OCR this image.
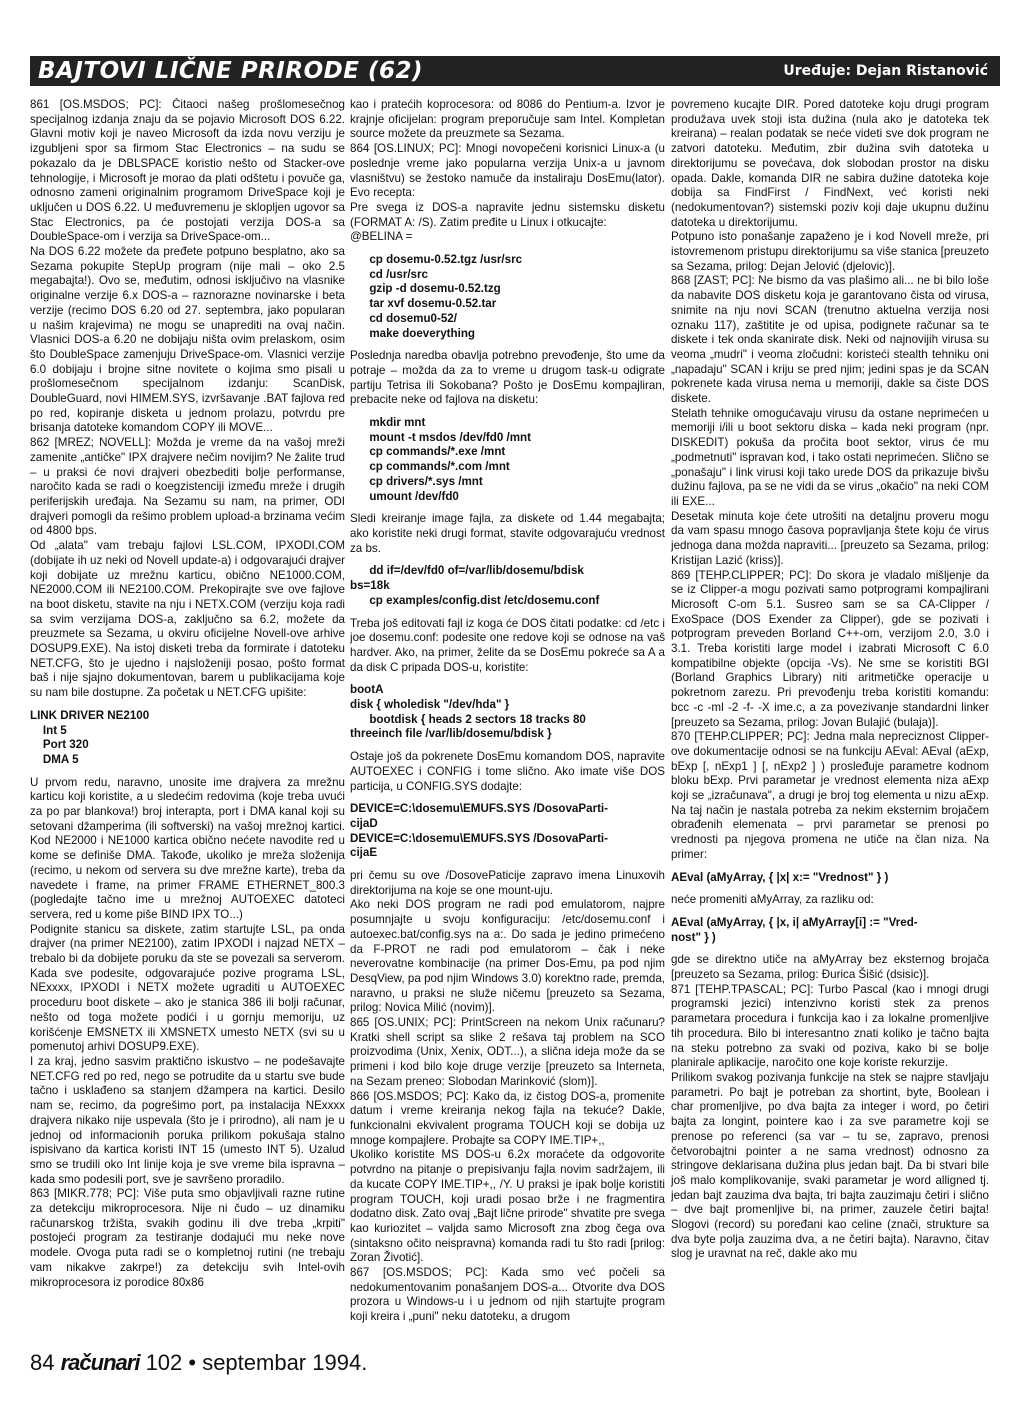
BAJTOVI LIČNE PRIRODE (62)	Uređuje: Dejan Ristanović

861 [OS.MSDOS; PC]: Čitaoci našeg prošlomesečnog specijalnog izdanja znaju da se pojavio Microsoft DOS 6.22. Glavni motiv koji je naveo Microsoft da izda novu verziju je izgubljeni spor sa firmom Stac Electronics – na sudu se pokazalo da je DBLSPACE koristio nešto od Stacker-ove tehnologije, i Microsoft je morao da plati odštetu i povuče ga, odnosno zameni originalnim programom DriveSpace koji je uključen u DOS 6.22. U međuvremenu je sklopljen ugovor sa Stac Electronics, pa će postojati verzija DOS-a sa DoubleSpace-om i verzija sa DriveSpace-om...

Na DOS 6.22 možete da pređete potpuno besplatno, ako sa Sezama pokupite StepUp program (nije mali – oko 2.5 megabajta!). Ovo se, međutim, odnosi isključivo na vlasnike originalne verzije 6.x DOS-a – raznorazne novinarske i beta verzije (recimo DOS 6.20 od 27. septembra, jako popularan u našim krajevima) ne mogu se unaprediti na ovaj način. Vlasnici DOS-a 6.20 ne dobijaju ništa ovim prelaskom, osim što DoubleSpace zamenjuju DriveSpace-om. Vlasnici verzije 6.0 dobijaju i brojne sitne novitete o kojima smo pisali u prošlomesečnom specijalnom izdanju: ScanDisk, DoubleGuard, novi HIMEM.SYS, izvršavanje .BAT fajlova red po red, kopiranje disketa u jednom prolazu, potvrdu pre brisanja datoteke komandom COPY ili MOVE...

862 [MREZ; NOVELL]: Možda je vreme da na vašoj mreži zamenite „antičke" IPX drajvere nečim novijim? Ne žalite trud – u praksi će novi drajveri obezbediti bolje performanse, naročito kada se radi o koegzistenciji između mreže i drugih periferijskih uređaja. Na Sezamu su nam, na primer, ODI drajveri pomogli da rešimo problem upload-a brzinama većim od 4800 bps.

Od „alata" vam trebaju fajlovi LSL.COM, IPXODI.COM (dobijate ih uz neki od Novell update-a) i odgovarajući drajver koji dobijate uz mrežnu karticu, obično NE1000.COM, NE2000.COM ili NE2100.COM. Prekopirajte sve ove fajlove na boot disketu, stavite na nju i NETX.COM (verziju koja radi sa svim verzijama DOS-a, zaključno sa 6.2, možete da preuzmete sa Sezama, u okviru oficijelne Novell-ove arhive DOSUP9.EXE). Na istoj disketi treba da formirate i datoteku NET.CFG, što je ujedno i najsloženiji posao, pošto format baš i nije sjajno dokumentovan, barem u publikacijama koje su nam bile dostupne. Za početak u NET.CFG upišite:

LINK DRIVER NE2100
Int 5
Port 320
DMA 5

U prvom redu, naravno, unosite ime drajvera za mrežnu karticu koji koristite, a u sledećim redovima (koje treba uvući za po par blankova!) broj interapta, port i DMA kanal koji su setovani džamperima (ili softverski) na vašoj mrežnoj kartici. Kod NE2000 i NE1000 kartica obično nećete navodite red u kome se definiše DMA. Takođe, ukoliko je mreža složenija (recimo, u nekom od servera su dve mrežne karte), treba da navedete i frame, na primer FRAME ETHERNET_800.3 (pogledajte tačno ime u mrežnoj AUTOEXEC datoteci servera, red u kome piše BIND IPX TO...)

Podignite stanicu sa diskete, zatim startujte LSL, pa onda drajver (na primer NE2100), zatim IPXODI i najzad NETX – trebalo bi da dobijete poruku da ste se povezali sa serverom. Kada sve podesite, odgovarajuće pozive programa LSL, NExxxx, IPXODI i NETX možete ugraditi u AUTOEXEC proceduru boot diskete – ako je stanica 386 ili bolji računar, nešto od toga možete podići i u gornju memoriju, uz korišćenje EMSNETX ili XMSNETX umesto NETX (svi su u pomenutoj arhivi DOSUP9.EXE).

I za kraj, jedno sasvim praktično iskustvo – ne podešavajte NET.CFG red po red, nego se potrudite da u startu sve bude tačno i usklađeno sa stanjem džampera na kartici. Desilo nam se, recimo, da pogrešimo port, pa instalacija NExxxx drajvera nikako nije uspevala (što je i prirodno), ali nam je u jednoj od informacionih poruka prilikom pokušaja stalno ispisivano da kartica koristi INT 15 (umesto INT 5). Uzalud smo se trudili oko Int linije koja je sve vreme bila ispravna – kada smo podesili port, sve je savršeno proradilo.

863 [MIKR.778; PC]: Više puta smo objavljivali razne rutine za detekciju mikroprocesora. Nije ni čudo – uz dinamiku računarskog tržišta, svakih godinu ili dve treba „krpiti" postojeći program za testiranje dodajući mu neke nove modele. Ovoga puta radi se o kompletnoj rutini (ne trebaju vam nikakve zakrpe!) za detekciju svih Intel-ovih mikroprocesora iz porodice 80x86

kao i pratećih koprocesora: od 8086 do Pentium-a. Izvor je krajnje oficijelan: program preporučuje sam Intel. Kompletan source možete da preuzmete sa Sezama.

864 [OS.LINUX; PC]: Mnogi novopečeni korisnici Linux-a (u poslednje vreme jako popularna verzija Unix-a u javnom vlasništvu) se žestoko namuče da instaliraju DosEmu(lator). Evo recepta:

Pre svega iz DOS-a napravite jednu sistemsku disketu (FORMAT A: /S). Zatim pređite u Linux i otkucajte:

@BELINA =

cp dosemu-0.52.tgz /usr/src
cd /usr/src
gzip -d dosemu-0.52.tzg
tar xvf dosemu-0.52.tar
cd dosemu0-52/
make doeverything

Poslednja naredba obavlja potrebno prevođenje, što ume da potraje – možda da za to vreme u drugom task-u odigrate partiju Tetrisa ili Sokobana? Pošto je DosEmu kompajliran, prebacite neke od fajlova na disketu:

mkdir mnt
mount -t msdos /dev/fd0 /mnt
cp commands/*.exe /mnt
cp commands/*.com /mnt
cp drivers/*.sys /mnt
umount /dev/fd0

Sledi kreiranje image fajla, za diskete od 1.44 megabajta; ako koristite neki drugi format, stavite odgovarajuću vrednost za bs.

dd if=/dev/fd0 of=/var/lib/dosemu/bdisk
bs=18k
cp examples/config.dist /etc/dosemu.conf

Treba još editovati fajl iz koga će DOS čitati podatke: cd /etc i joe dosemu.conf: podesite one redove koji se odnose na vaš hardver. Ako, na primer, želite da se DosEmu pokreće sa A a da disk C pripada DOS-u, koristite:

bootA
disk { wholedisk "/dev/hda" }
bootdisk { heads 2 sectors 18 tracks 80
threeinch file /var/lib/dosemu/bdisk }

Ostaje još da pokrenete DosEmu komandom DOS, napravite AUTOEXEC i CONFIG i tome slično. Ako imate više DOS particija, u CONFIG.SYS dodajte:

DEVICE=C:\dosemu\EMUFS.SYS /DosovaParti-
cijaD
DEVICE=C:\dosemu\EMUFS.SYS /DosovaParti-
cijaE

pri čemu su ove /DosovePaticije zapravo imena Linuxovih direktorijuma na koje se one mount-uju.

Ako neki DOS program ne radi pod emulatorom, najpre posumnjajte u svoju konfiguraciju: /etc/dosemu.conf i autoexec.bat/config.sys na a:. Do sada je jedino primećeno da F-PROT ne radi pod emulatorom – čak i neke neverovatne kombinacije (na primer Dos-Emu, pa pod njim DesqView, pa pod njim Windows 3.0) korektno rade, premda, naravno, u praksi ne služe ničemu [preuzeto sa Sezama, prilog: Novica Milić (novim)].

865 [OS.UNIX; PC]: PrintScreen na nekom Unix računaru? Kratki shell script sa slike 2 rešava taj problem na SCO proizvodima (Unix, Xenix, ODT...), a slična ideja može da se primeni i kod bilo koje druge verzije [preuzeto sa Interneta, na Sezam preneo: Slobodan Marinković (slom)].

866 [OS.MSDOS; PC]: Kako da, iz čistog DOS-a, promenite datum i vreme kreiranja nekog fajla na tekuće? Dakle, funkcionalni ekvivalent programa TOUCH koji se dobija uz mnoge kompajlere. Probajte sa COPY IME.TIP+,,

Ukoliko koristite MS DOS-u 6.2x moraćete da odgovorite potvrdno na pitanje o prepisivanju fajla novim sadržajem, ili da kucate COPY IME.TIP+,, /Y. U praksi je ipak bolje koristiti program TOUCH, koji uradi posao brže i ne fragmentira dodatno disk. Zato ovaj „Bajt lične prirode" shvatite pre svega kao kuriozitet – valjda samo Microsoft zna zbog čega ova (sintaksno očito neispravna) komanda radi tu što radi [prilog: Zoran Životić].

867 [OS.MSDOS; PC]: Kada smo već počeli sa nedokumentovanim ponašanjem DOS-a... Otvorite dva DOS prozora u Windows-u i u jednom od njih startujte program koji kreira i „puni" neku datoteku, a drugom

povremeno kucajte DIR. Pored datoteke koju drugi program produžava uvek stoji ista dužina (nula ako je datoteka tek kreirana) – realan podatak se neće videti sve dok program ne zatvori datoteku. Međutim, zbir dužina svih datoteka u direktorijumu se povećava, dok slobodan prostor na disku opada. Dakle, komanda DIR ne sabira dužine datoteka koje dobija sa FindFirst / FindNext, već koristi neki (nedokumentovan?) sistemski poziv koji daje ukupnu dužinu datoteka u direktorijumu.

Potpuno isto ponašanje zapaženo je i kod Novell mreže, pri istovremenom pristupu direktorijumu sa više stanica [preuzeto sa Sezama, prilog: Dejan Jelović (djelovic)].

868 [ZAST; PC]: Ne bismo da vas plašimo ali... ne bi bilo loše da nabavite DOS disketu koja je garantovano čista od virusa, snimite na nju novi SCAN (trenutno aktuelna verzija nosi oznaku 117), zaštitite je od upisa, podignete računar sa te diskete i tek onda skanirate disk. Neki od najnovijih virusa su veoma „mudri" i veoma zločudni: koristeći stealth tehniku oni „napadaju" SCAN i kriju se pred njim; jedini spas je da SCAN pokrenete kada virusa nema u memoriji, dakle sa čiste DOS diskete.

Stelath tehnike omogućavaju virusu da ostane neprimećen u memoriji i/ili u boot sektoru diska – kada neki program (npr. DISKEDIT) pokuša da pročita boot sektor, virus će mu „podmetnuti" ispravan kod, i tako ostati neprimećen. Slično se „ponašaju" i link virusi koji tako urede DOS da prikazuje bivšu dužinu fajlova, pa se ne vidi da se virus „okačio" na neki COM ili EXE...

Desetak minuta koje ćete utrošiti na detaljnu proveru mogu da vam spasu mnogo časova popravljanja štete koju će virus jednoga dana možda napraviti... [preuzeto sa Sezama, prilog: Kristijan Lazić (kriss)].

869 [TEHP.CLIPPER; PC]: Do skora je vladalo mišljenje da se iz Clipper-a mogu pozivati samo potprogrami kompajlirani Microsoft C-om 5.1. Susreo sam se sa CA-Clipper / ExoSpace (DOS Exender za Clipper), gde se pozivati i potprogram preveden Borland C++-om, verzijom 2.0, 3.0 i 3.1. Treba koristiti large model i izabrati Microsoft C 6.0 kompatibilne objekte (opcija -Vs). Ne sme se koristiti BGI (Borland Graphics Library) niti aritmetičke operacije u pokretnom zarezu. Pri prevođenju treba koristiti komandu: bcc -c -ml -2 -f- -X ime.c, a za povezivanje standardni linker [preuzeto sa Sezama, prilog: Jovan Bulajić (bulaja)].

870 [TEHP.CLIPPER; PC]: Jedna mala nepreciznost Clipper-ove dokumentacije odnosi se na funkciju AEval: AEval (aExp, bExp [, nExp1 ] [, nExp2 ] ) prosleđuje parametre kodnom bloku bExp. Prvi parametar je vrednost elementa niza aExp koji se „izračunava", a drugi je broj tog elementa u nizu aExp. Na taj način je nastala potreba za nekim eksternim brojačem obrađenih elemenata – prvi parametar se prenosi po vrednosti pa njegova promena ne utiče na član niza. Na primer:

AEval (aMyArray, { |x| x:= "Vrednost" } )

neće promeniti aMyArray, za razliku od:

AEval (aMyArray, { |x, i| aMyArray[i] := "Vred-
nost" } )

gde se direktno utiče na aMyArray bez eksternog brojača [preuzeto sa Sezama, prilog: Đurica Šišić (dsisic)].

871 [TEHP.TPASCAL; PC]: Turbo Pascal (kao i mnogi drugi programski jezici) intenzivno koristi stek za prenos parametara procedura i funkcija kao i za lokalne promenljive tih procedura. Bilo bi interesantno znati koliko je tačno bajta na steku potrebno za svaki od poziva, kako bi se bolje planirale aplikacije, naročito one koje koriste rekurzije.

Prilikom svakog pozivanja funkcije na stek se najpre stavljaju parametri. Po bajt je potreban za shortint, byte, Boolean i char promenljive, po dva bajta za integer i word, po četiri bajta za longint, pointere kao i za sve parametre koji se prenose po referenci (sa var – tu se, zapravo, prenosi četvorobajtni pointer a ne sama vrednost) odnosno za stringove deklarisana dužina plus jedan bajt. Da bi stvari bile još malo komplikovanije, svaki parametar je word alligned tj. jedan bajt zauzima dva bajta, tri bajta zauzimaju četiri i slično – dve bajt promenljive bi, na primer, zauzele četiri bajta! Slogovi (record) su poređani kao celine (znači, strukture sa dva byte polja zauzima dva, a ne četiri bajta). Naravno, čitav slog je uravnat na reč, dakle ako mu

84 računari 102 • septembar 1994.
